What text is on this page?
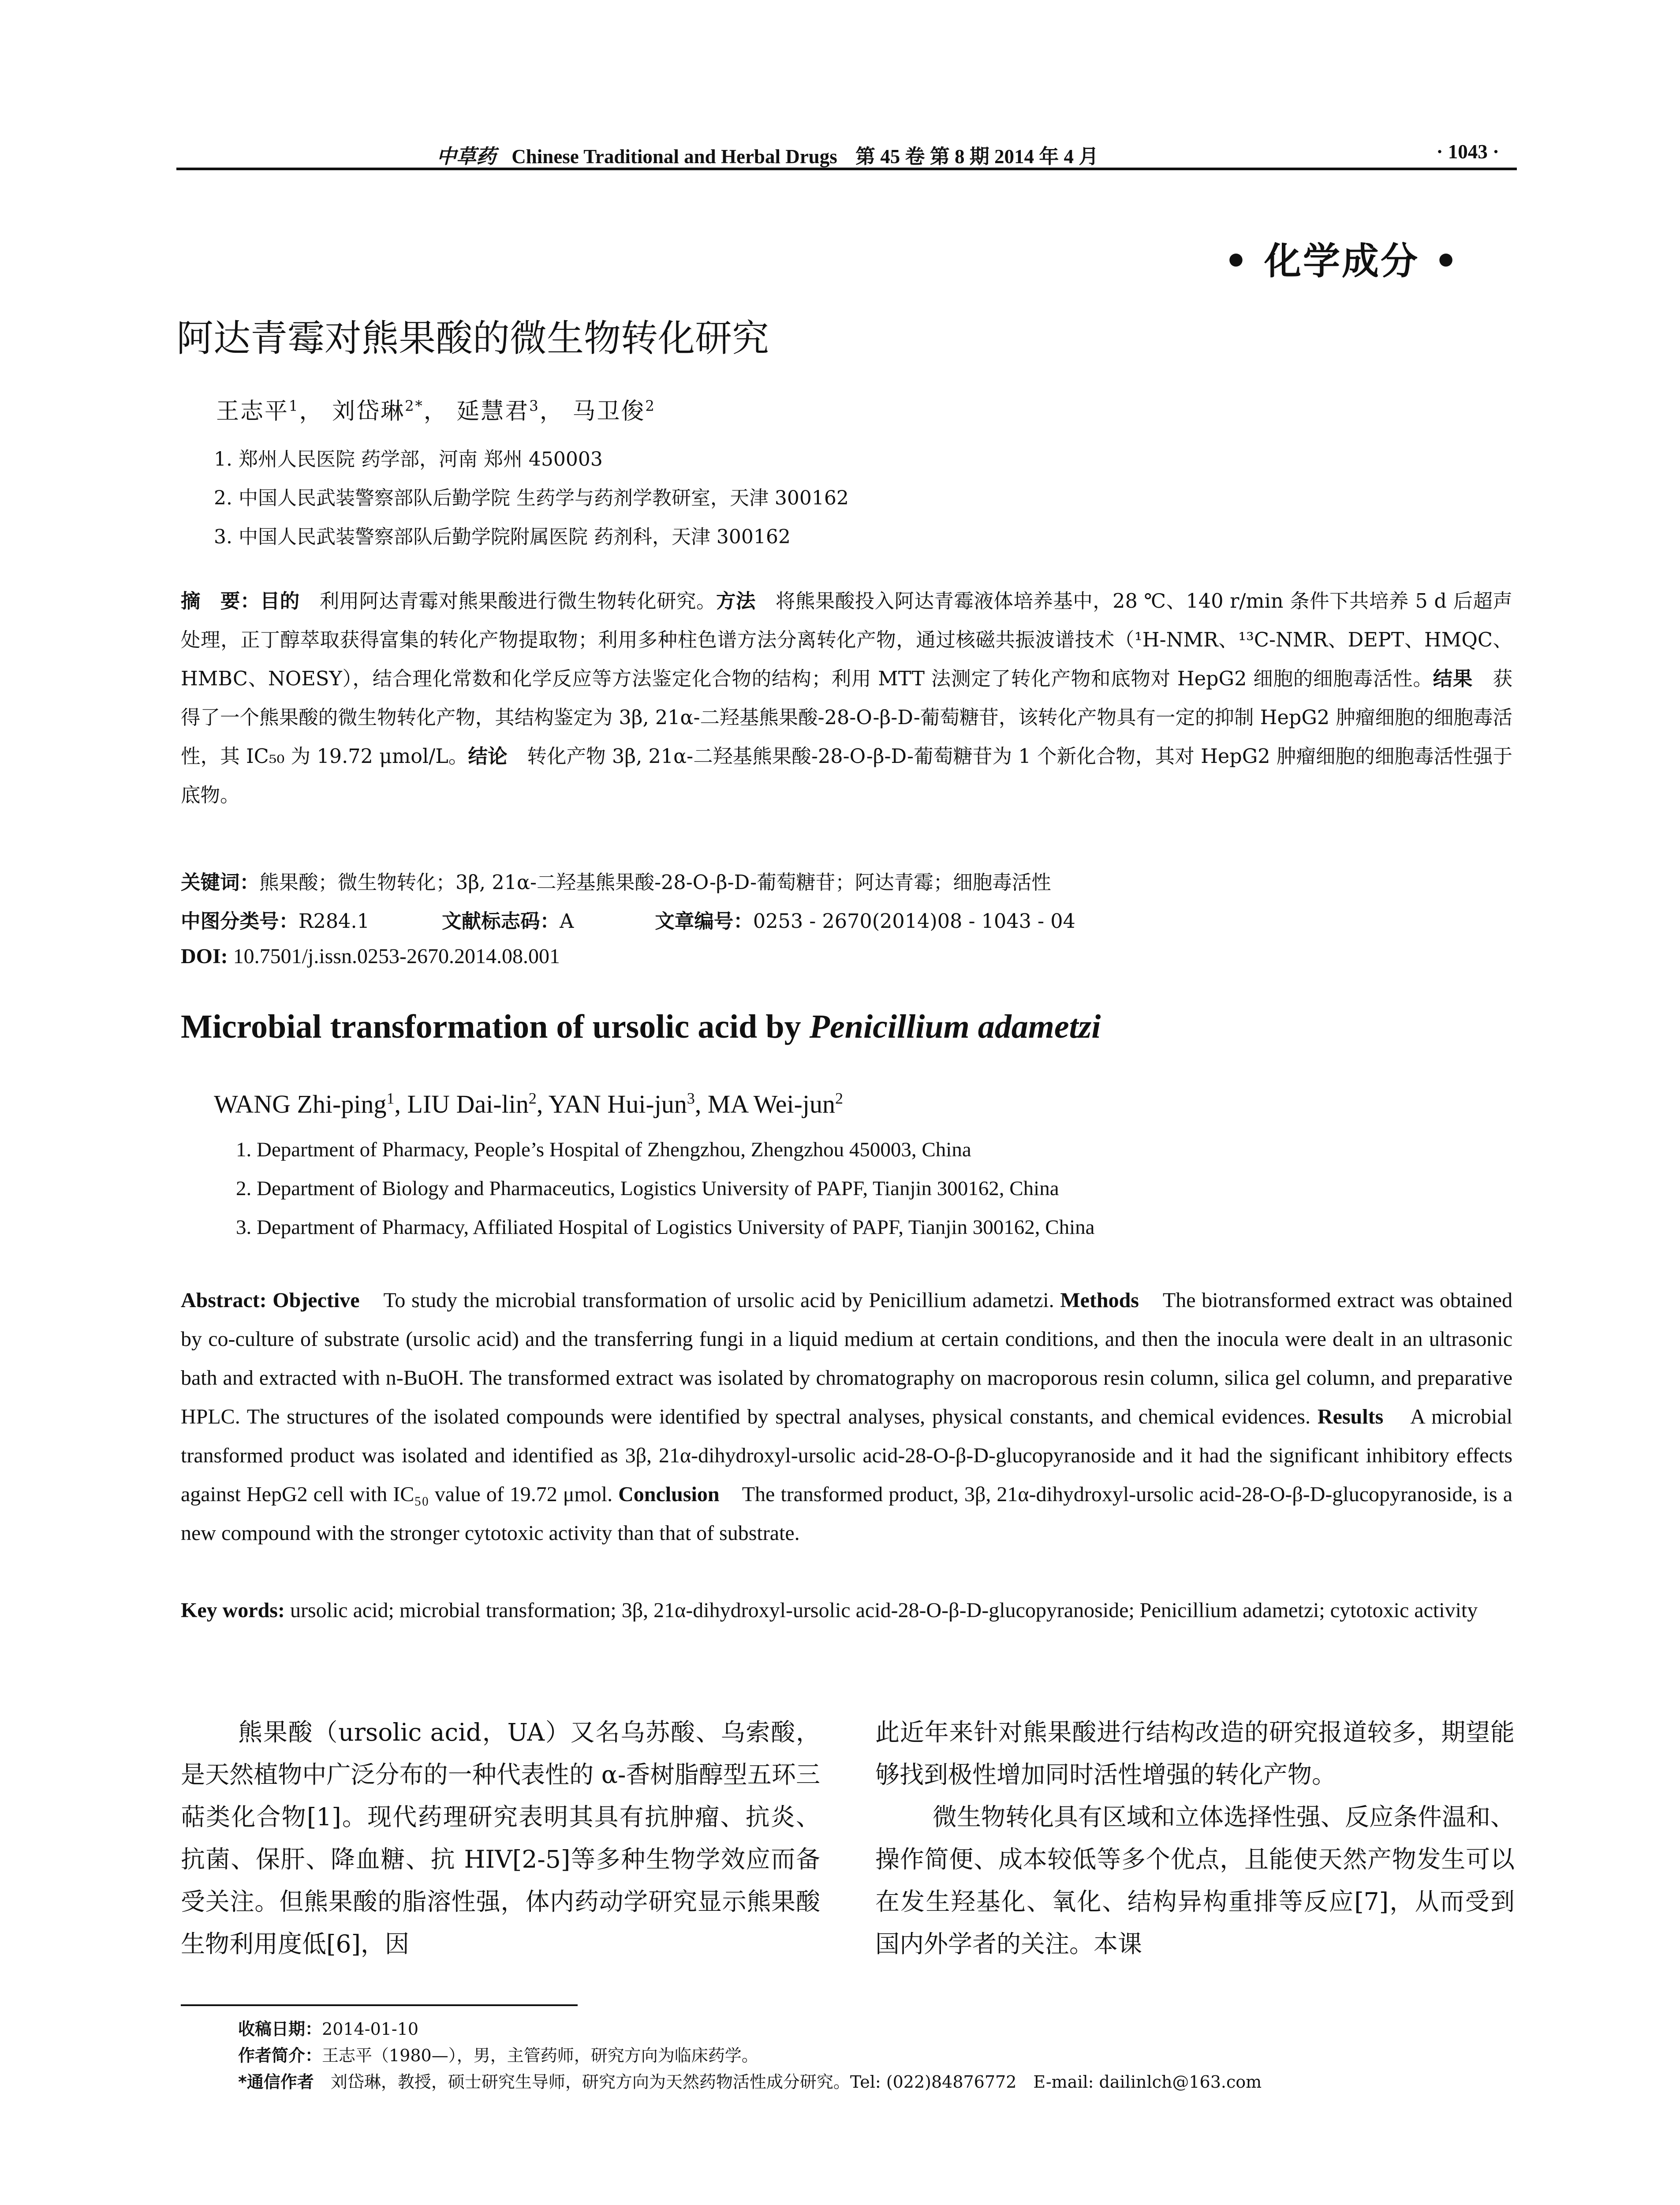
中草药 Chinese Traditional and Herbal Drugs 第 45 卷 第 8 期 2014 年 4 月	· 1043 ·
• 化学成分 •
阿达青霉对熊果酸的微生物转化研究
王志平$^1$， 刘岱琳$^{2*}$， 延慧君$^3$， 马卫俊$^2$
1. 郑州人民医院 药学部，河南 郑州 450003
2. 中国人民武装警察部队后勤学院 生药学与药剂学教研室，天津 300162
3. 中国人民武装警察部队后勤学院附属医院 药剂科，天津 300162
摘　要：目的　 利用阿达青霉对熊果酸进行微生物转化研究。方法　 将熊果酸投入阿达青霉液体培养基中，28 ℃、140 r/min 条件下共培养 5 d 后超声处理，正丁醇萃取获得富集的转化产物提取物；利用多种柱色谱方法分离转化产物，通过核磁共振波谱技术（¹H-NMR、¹³C-NMR、DEPT、HMQC、HMBC、NOESY），结合理化常数和化学反应等方法鉴定化合物的结构；利用 MTT 法测定了转化产物和底物对 HepG2 细胞的细胞毒活性。结果　 获得了一个熊果酸的微生物转化产物，其结构鉴定为 3β, 21α-二羟基熊果酸-28-O-β-D-葡萄糖苷，该转化产物具有一定的抑制 HepG2 肿瘤细胞的细胞毒活性，其 IC₅₀ 为 19.72 μmol/L。结论　 转化产物 3β, 21α-二羟基熊果酸-28-O-β-D-葡萄糖苷为 1 个新化合物，其对 HepG2 肿瘤细胞的细胞毒活性强于底物。
关键词：熊果酸；微生物转化；3β, 21α-二羟基熊果酸-28-O-β-D-葡萄糖苷；阿达青霉；细胞毒活性
中图分类号：R284.1	文献标志码：A	文章编号：0253 - 2670(2014)08 - 1043 - 04
DOI: 10.7501/j.issn.0253-2670.2014.08.001
Microbial transformation of ursolic acid by Penicillium adametzi
WANG Zhi-ping$^1$, LIU Dai-lin$^2$, YAN Hui-jun$^3$, MA Wei-jun$^2$
1. Department of Pharmacy, People’s Hospital of Zhengzhou, Zhengzhou 450003, China
2. Department of Biology and Pharmaceutics, Logistics University of PAPF, Tianjin 300162, China
3. Department of Pharmacy, Affiliated Hospital of Logistics University of PAPF, Tianjin 300162, China
Abstract: Objective To study the microbial transformation of ursolic acid by Penicillium adametzi. Methods The biotransformed extract was obtained by co-culture of substrate (ursolic acid) and the transferring fungi in a liquid medium at certain conditions, and then the inocula were dealt in an ultrasonic bath and extracted with n-BuOH. The transformed extract was isolated by chromatography on macroporous resin column, silica gel column, and preparative HPLC. The structures of the isolated compounds were identified by spectral analyses, physical constants, and chemical evidences. Results A microbial transformed product was isolated and identified as 3β, 21α-dihydroxyl-ursolic acid-28-O-β-D-glucopyranoside and it had the significant inhibitory effects against HepG2 cell with IC₅₀ value of 19.72 μmol. Conclusion The transformed product, 3β, 21α-dihydroxyl-ursolic acid-28-O-β-D-glucopyranoside, is a new compound with the stronger cytotoxic activity than that of substrate.
Key words: ursolic acid; microbial transformation; 3β, 21α-dihydroxyl-ursolic acid-28-O-β-D-glucopyranoside; Penicillium adametzi; cytotoxic activity
熊果酸（ursolic acid，UA）又名乌苏酸、乌索酸，是天然植物中广泛分布的一种代表性的 α-香树脂醇型五环三萜类化合物[1]。现代药理研究表明其具有抗肿瘤、抗炎、抗菌、保肝、降血糖、抗 HIV[2-5]等多种生物学效应而备受关注。但熊果酸的脂溶性强，体内药动学研究显示熊果酸生物利用度低[6]，因
此近年来针对熊果酸进行结构改造的研究报道较多，期望能够找到极性增加同时活性增强的转化产物。
微生物转化具有区域和立体选择性强、反应条件温和、操作简便、成本较低等多个优点，且能使天然产物发生可以在发生羟基化、氧化、结构异构重排等反应[7]，从而受到国内外学者的关注。本课
收稿日期：2014-01-10
作者简介：王志平（1980—），男，主管药师，研究方向为临床药学。
*通信作者　刘岱琳，教授，硕士研究生导师，研究方向为天然药物活性成分研究。Tel: (022)84876772　E-mail: dailinlch@163.com
